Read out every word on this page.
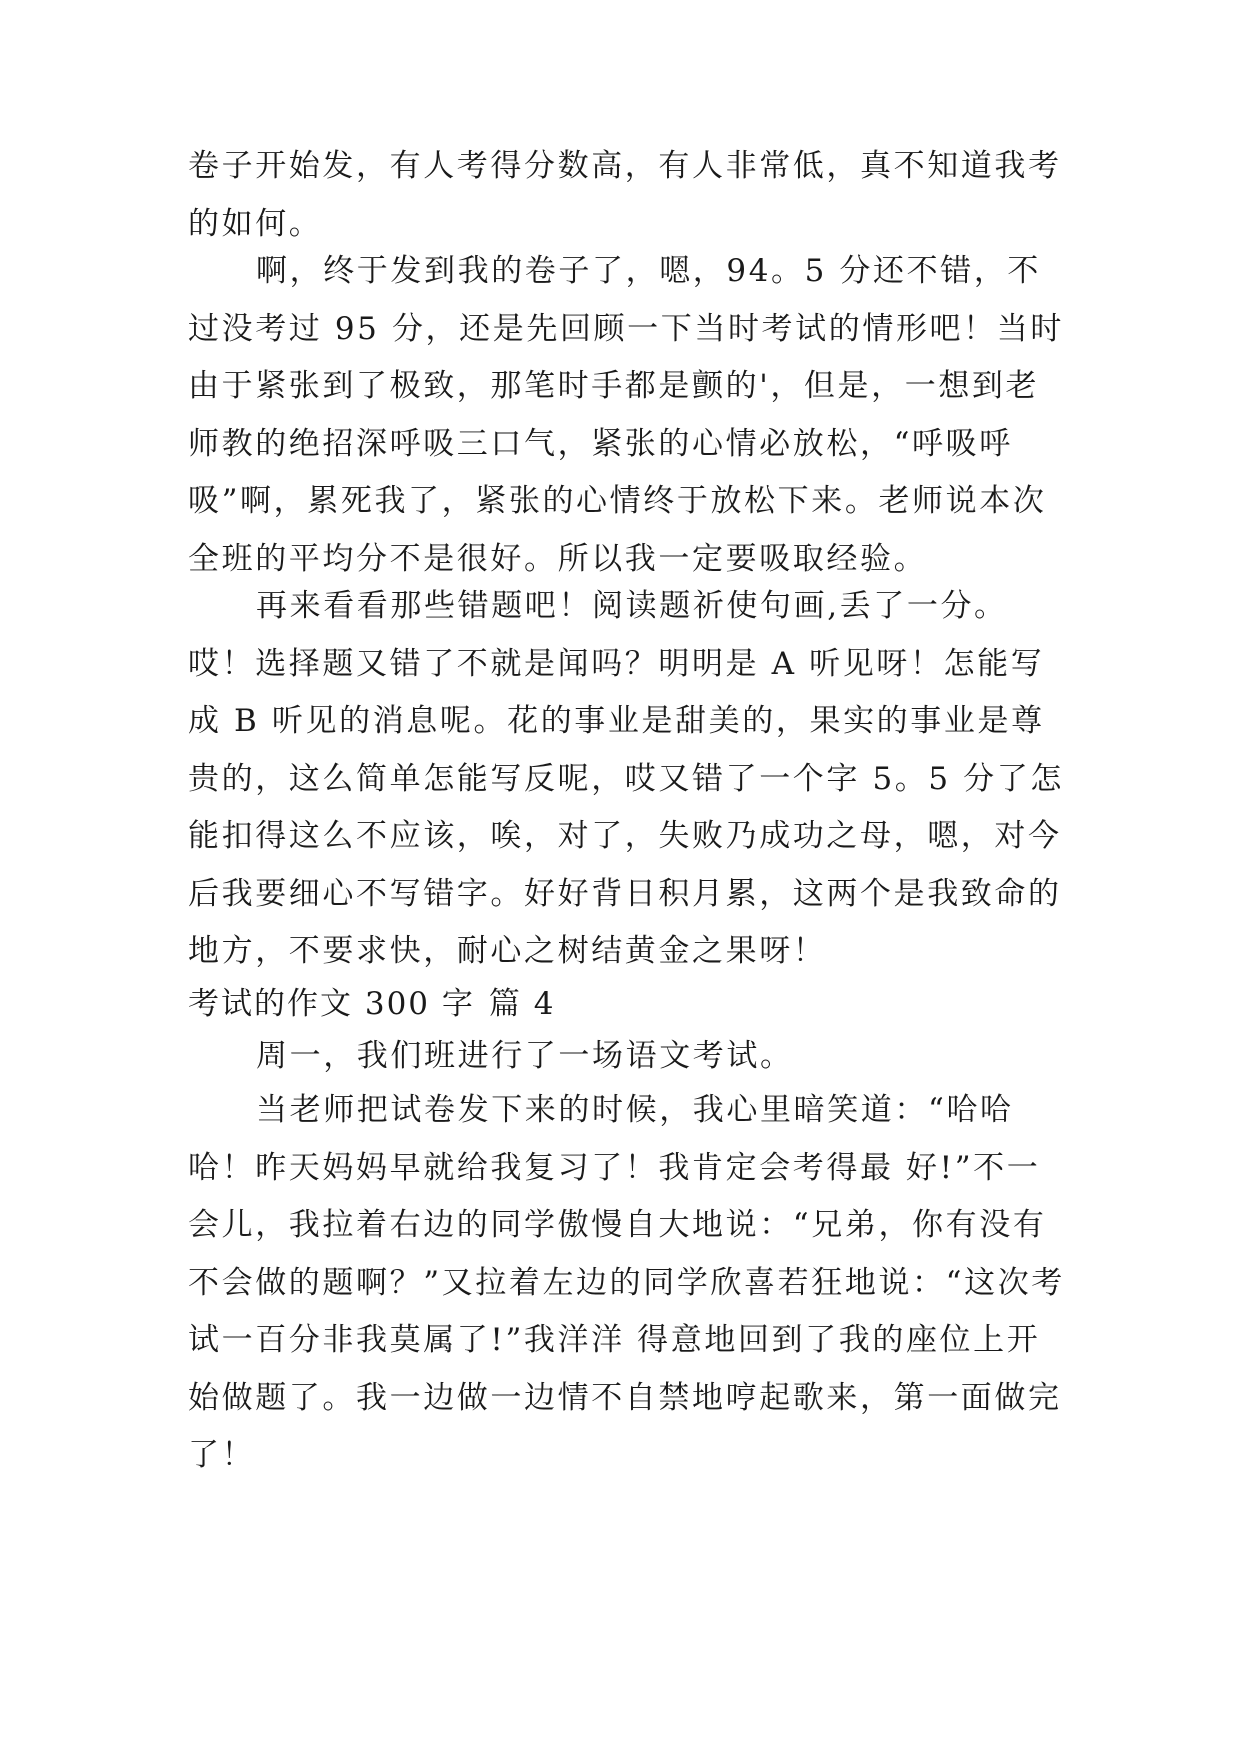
卷子开始发，有人考得分数高，有人非常低，真不知道我考的如何。

啊，终于发到我的卷子了，嗯，94。5 分还不错，不过没考过 95 分，还是先回顾一下当时考试的情形吧！当时由于紧张到了极致，那笔时手都是颤的'，但是，一想到老师教的绝招深呼吸三口气，紧张的心情必放松，“呼吸呼吸”啊，累死我了，紧张的心情终于放松下来。老师说本次全班的平均分不是很好。所以我一定要吸取经验。

再来看看那些错题吧！阅读题祈使句画,丢了一分。哎！选择题又错了不就是闻吗？明明是 A 听见呀！怎能写成 B 听见的消息呢。花的事业是甜美的，果实的事业是尊贵的，这么简单怎能写反呢，哎又错了一个字 5。5 分了怎能扣得这么不应该，唉，对了，失败乃成功之母，嗯，对今后我要细心不写错字。好好背日积月累，这两个是我致命的地方，不要求快，耐心之树结黄金之果呀！

考试的作文 300 字 篇 4

周一，我们班进行了一场语文考试。

当老师把试卷发下来的时候，我心里暗笑道：“哈哈哈！昨天妈妈早就给我复习了！我肯定会考得最 好!”不一会儿，我拉着右边的同学傲慢自大地说：“兄弟，你有没有不会做的题啊？”又拉着左边的同学欣喜若狂地说：“这次考试一百分非我莫属了!”我洋洋 得意地回到了我的座位上开始做题了。我一边做一边情不自禁地哼起歌来，第一面做完了！
